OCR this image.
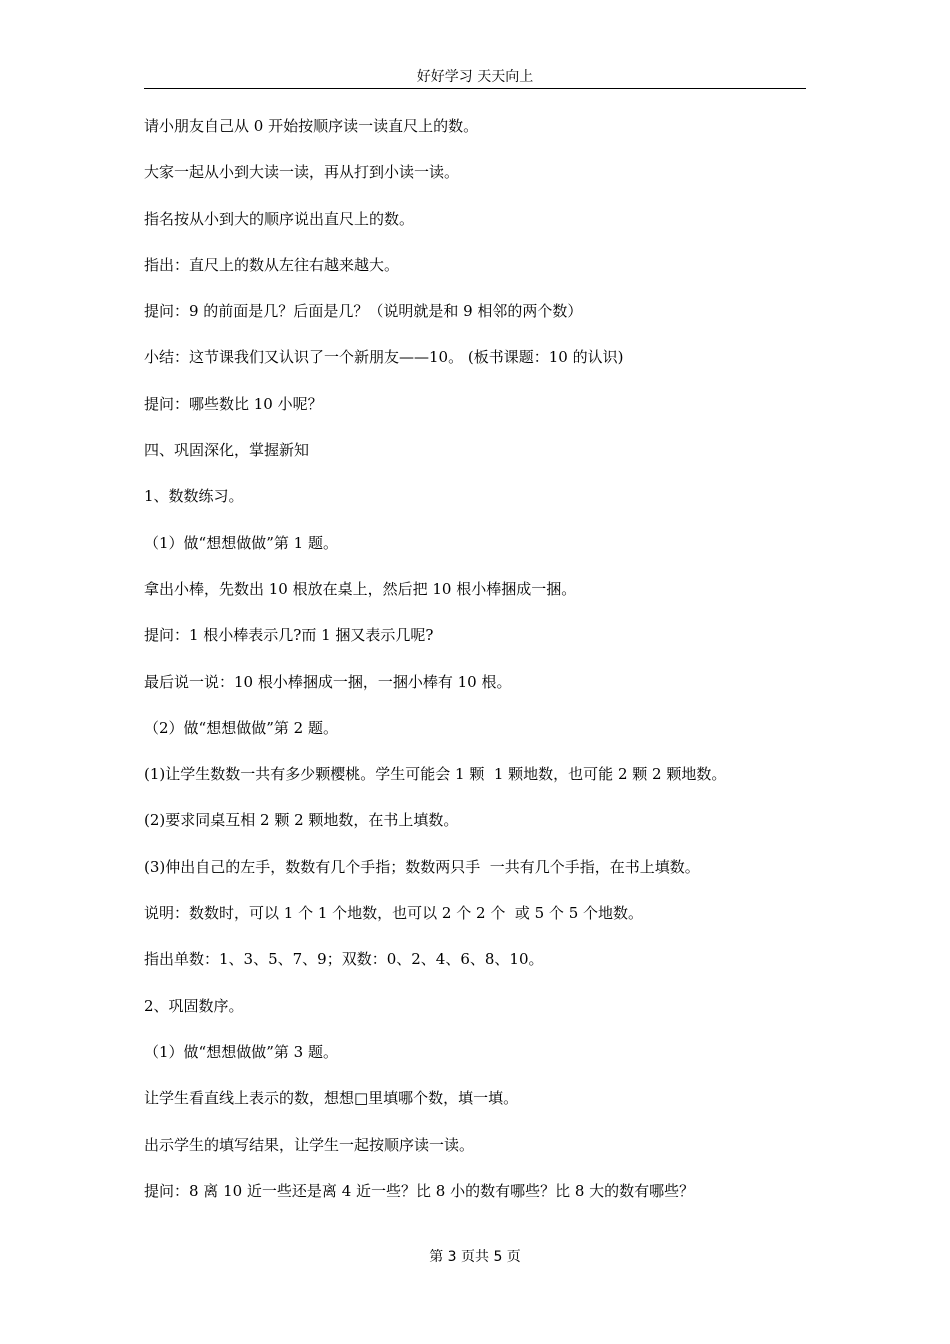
好好学习 天天向上

请小朋友自己从 0 开始按顺序读一读直尺上的数。

大家一起从小到大读一读，再从打到小读一读。

指名按从小到大的顺序说出直尺上的数。

指出：直尺上的数从左往右越来越大。

提问：9 的前面是几？后面是几？（说明就是和 9 相邻的两个数）

小结：这节课我们又认识了一个新朋友——10。 (板书课题：10 的认识)

提问：哪些数比 10 小呢？

四、巩固深化，掌握新知

1、数数练习。

（1）做“想想做做”第 1 题。

拿出小棒，先数出 10 根放在桌上，然后把 10 根小棒捆成一捆。

提问：1 根小棒表示几?而 1 捆又表示几呢?

最后说一说：10 根小棒捆成一捆，一捆小棒有 10 根。

（2）做“想想做做”第 2 题。

(1)让学生数数一共有多少颗樱桃。学生可能会 1 颗  1 颗地数，也可能 2 颗 2 颗地数。

(2)要求同桌互相 2 颗 2 颗地数，在书上填数。

(3)伸出自己的左手，数数有几个手指；数数两只手  一共有几个手指，在书上填数。

说明：数数时，可以 1 个 1 个地数，也可以 2 个 2 个  或 5 个 5 个地数。

指出单数：1、3、5、7、9；双数：0、2、4、6、8、10。

2、巩固数序。

（1）做“想想做做”第 3 题。

让学生看直线上表示的数，想想□里填哪个数，填一填。

出示学生的填写结果，让学生一起按顺序读一读。

提问：8 离 10 近一些还是离 4 近一些？比 8 小的数有哪些？比 8 大的数有哪些？

第 3 页共 5 页
